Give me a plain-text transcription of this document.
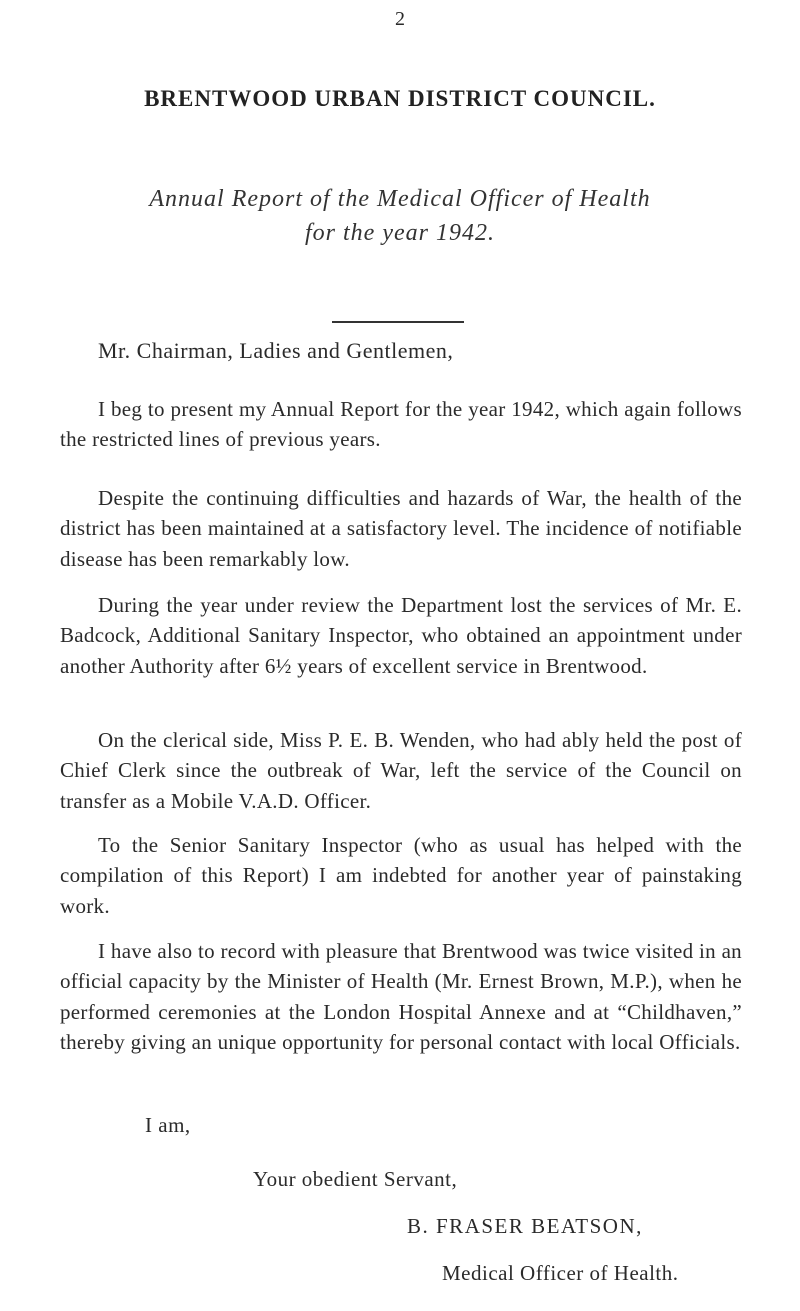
2
BRENTWOOD URBAN DISTRICT COUNCIL.
Annual Report of the Medical Officer of Health
for the year 1942.
Mr. Chairman, Ladies and Gentlemen,

I beg to present my Annual Report for the year 1942, which again follows the restricted lines of previous years.

Despite the continuing difficulties and hazards of War, the health of the district has been maintained at a satisfactory level. The incidence of notifiable disease has been remarkably low.

During the year under review the Department lost the services of Mr. E. Badcock, Additional Sanitary Inspector, who obtained an appointment under another Authority after 6½ years of excellent service in Brentwood.

On the clerical side, Miss P. E. B. Wenden, who had ably held the post of Chief Clerk since the outbreak of War, left the service of the Council on transfer as a Mobile V.A.D. Officer.

To the Senior Sanitary Inspector (who as usual has helped with the compilation of this Report) I am indebted for another year of painstaking work.

I have also to record with pleasure that Brentwood was twice visited in an official capacity by the Minister of Health (Mr. Ernest Brown, M.P.), when he performed ceremonies at the London Hospital Annexe and at “Childhaven,” thereby giving an unique opportunity for personal contact with local Officials.

I am,
Your obedient Servant,
B. FRASER BEATSON,
Medical Officer of Health.
